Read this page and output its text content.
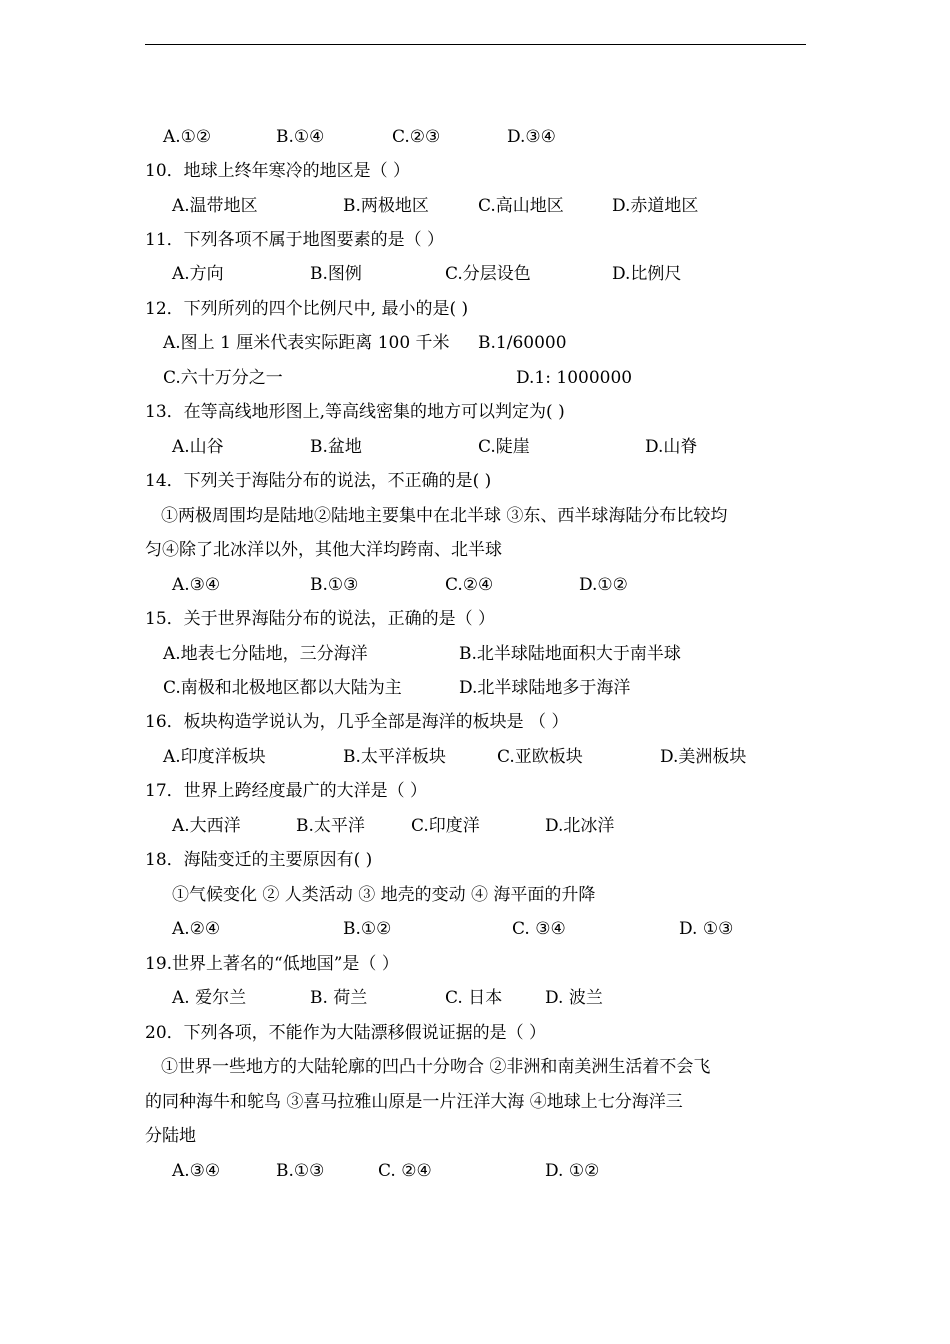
A.①②	B.①④	C.②③	D.③④
10．地球上终年寒冷的地区是（ ）
A.温带地区	B.两极地区	C.高山地区	D.赤道地区
11．下列各项不属于地图要素的是（ ）
A.方向	B.图例	C.分层设色	D.比例尺
12．下列所列的四个比例尺中, 最小的是( )
A.图上 1 厘米代表实际距离 100 千米 B.1/60000
C.六十万分之一	D.1: 1000000
13．在等高线地形图上,等高线密集的地方可以判定为( )
A.山谷	B.盆地	C.陡崖	D.山脊
14．下列关于海陆分布的说法，不正确的是( )
①两极周围均是陆地②陆地主要集中在北半球 ③东、西半球海陆分布比较均
匀④除了北冰洋以外，其他大洋均跨南、北半球
A.③④	B.①③	C.②④	D.①②
15．关于世界海陆分布的说法，正确的是（ ）
A.地表七分陆地，三分海洋	B.北半球陆地面积大于南半球
C.南极和北极地区都以大陆为主	D.北半球陆地多于海洋
16．板块构造学说认为，几乎全部是海洋的板块是 （ ）
A.印度洋板块	B.太平洋板块	C.亚欧板块	D.美洲板块
17．世界上跨经度最广的大洋是（ ）
A.大西洋	B.太平洋	C.印度洋	D.北冰洋
18．海陆变迁的主要原因有( )
①气候变化 ② 人类活动 ③ 地壳的变动 ④ 海平面的升降
A.②④	B.①②	C. ③④	D. ①③
19.世界上著名的“低地国”是（ ）
A. 爱尔兰	B. 荷兰	C. 日本	D. 波兰
20．下列各项，不能作为大陆漂移假说证据的是（ ）
①世界一些地方的大陆轮廓的凹凸十分吻合 ②非洲和南美洲生活着不会飞
的同种海牛和鸵鸟 ③喜马拉雅山原是一片汪洋大海 ④地球上七分海洋三
分陆地
A.③④	B.①③	C. ②④	D. ①②
